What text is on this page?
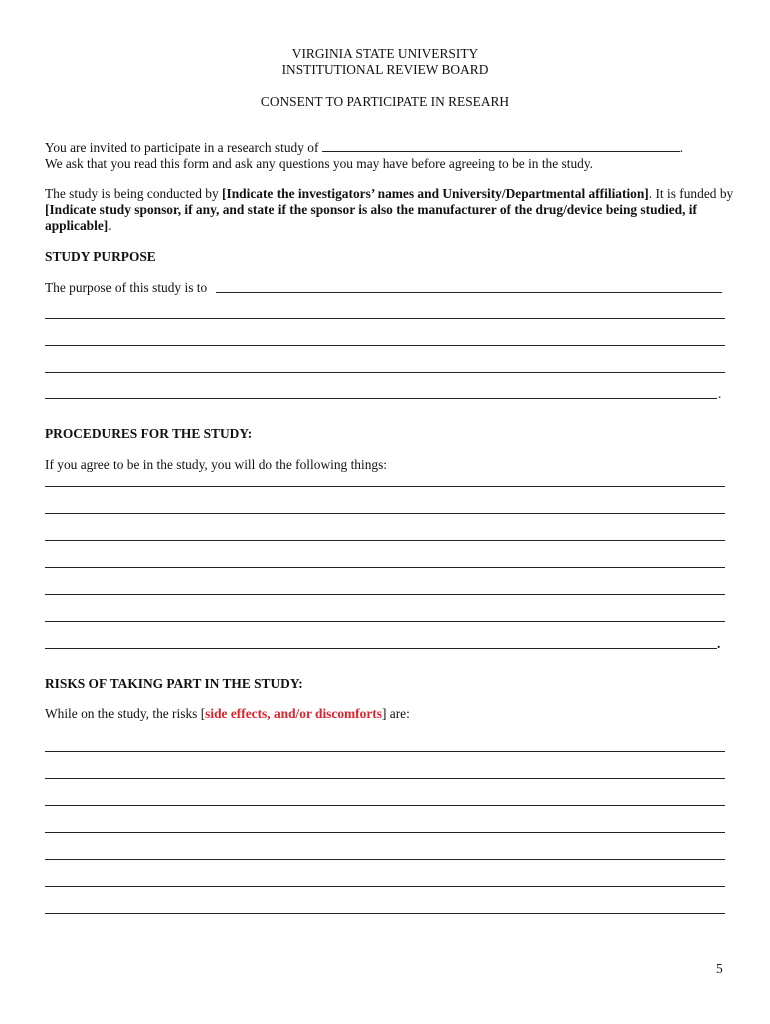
VIRGINIA STATE UNIVERSITY
INSTITUTIONAL REVIEW BOARD
CONSENT TO PARTICIPATE IN RESEARH
You are invited to participate in a research study of	.
We ask that you read this form and ask any questions you may have before agreeing to be in the study.
The study is being conducted by [Indicate the investigators’ names and University/Departmental affiliation]. It is funded by [Indicate study sponsor, if any, and state if the sponsor is also the manufacturer of the drug/device being studied, if applicable].
STUDY PURPOSE
The purpose of this study is to
.
PROCEDURES FOR THE STUDY:
If you agree to be in the study, you will do the following things:
.
RISKS OF TAKING PART IN THE STUDY:
While on the study, the risks [side effects, and/or discomforts] are:
5
